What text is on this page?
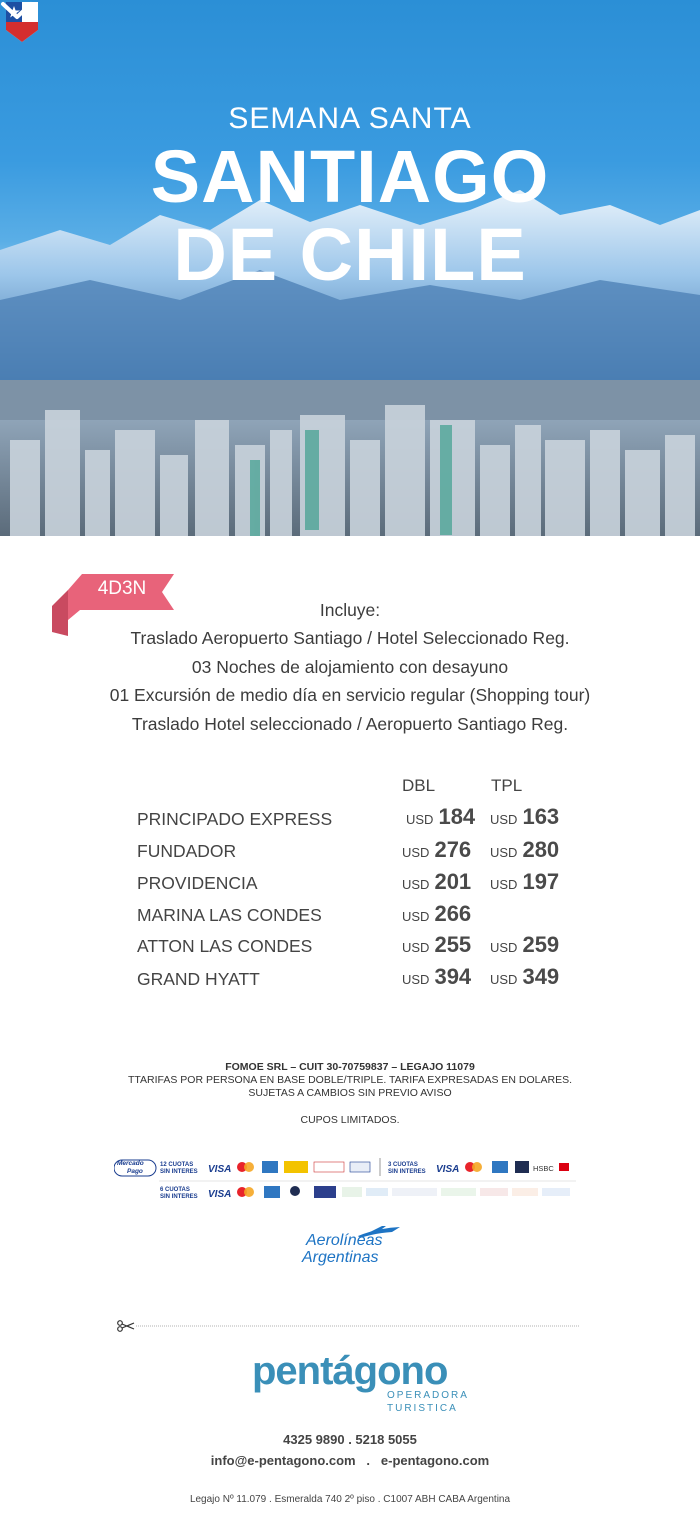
SEMANA SANTA
SANTIAGO
DE CHILE
4D3N
Incluye:
Traslado Aeropuerto Santiago / Hotel Seleccionado Reg.
03 Noches de alojamiento con desayuno
01 Excursión de medio día en servicio regular (Shopping tour)
Traslado Hotel seleccionado / Aeropuerto Santiago Reg.
DBL	TPL
PRINCIPADO EXPRESS	USD 184 USD 163
FUNDADOR	USD 276 USD 280
PROVIDENCIA	USD 201 USD 197
MARINA LAS CONDES	USD 266
ATTON LAS CONDES	USD 255 USD 259
GRAND HYATT	USD 394 USD 349
FOMOE SRL – CUIT 30-70759837 – LEGAJO 11079
TTARIFAS POR PERSONA EN BASE DOBLE/TRIPLE. TARIFA EXPRESADAS EN DOLARES.
SUJETAS A CAMBIOS SIN PREVIO AVISO
CUPOS LIMITADOS.
Mercado
Pago
12 CUOTAS
SIN INTERES VISA	3 CUOTAS
SIN INTERES VISA	HSBC
6 CUOTAS
SIN INTERES VISA
Aerolíneas
Argentinas
pentágono
OPERADORA
TURISTICA
4325 9890 . 5218 5055
info@e-pentagono.com   .   e-pentagono.com
Legajo Nº 11.079 . Esmeralda 740 2º piso . C1007 ABH CABA Argentina
